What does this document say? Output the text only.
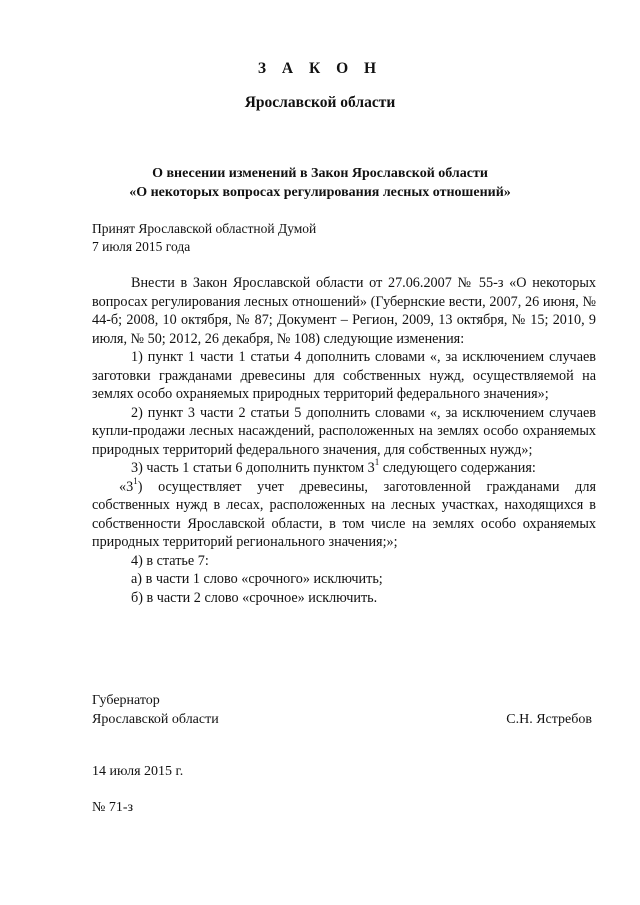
З А К О Н
Ярославской области
О внесении изменений в Закон Ярославской области
«О некоторых вопросах регулирования лесных отношений»
Принят Ярославской областной Думой
7 июля 2015 года

Внести в Закон Ярославской области от 27.06.2007 № 55-з «О некоторых вопросах регулирования лесных отношений» (Губернские вести, 2007, 26 июня, № 44-б; 2008, 10 октября, № 87; Документ – Регион, 2009, 13 октября, № 15; 2010, 9 июля, № 50; 2012, 26 декабря, № 108) следующие изменения:

1) пункт 1 части 1 статьи 4 дополнить словами «, за исключением случаев заготовки гражданами древесины для собственных нужд, осуществляемой на землях особо охраняемых природных территорий федерального значения»;

2) пункт 3 части 2 статьи 5 дополнить словами «, за исключением случаев купли-продажи лесных насаждений, расположенных на землях особо охраняемых природных территорий федерального значения, для собственных нужд»;

3) часть 1 статьи 6 дополнить пунктом $3^1$ следующего содержания:

«$3^1$) осуществляет учет древесины, заготовленной гражданами для собственных нужд в лесах, расположенных на лесных участках, находящихся в собственности Ярославской области, в том числе на землях особо охраняемых природных территорий регионального значения;»;

4) в статье 7:

а) в части 1 слово «срочного» исключить;

б) в части 2 слово «срочное» исключить.

Губернатор
Ярославской области	С.Н. Ястребов
14 июля 2015 г.
№ 71-з
